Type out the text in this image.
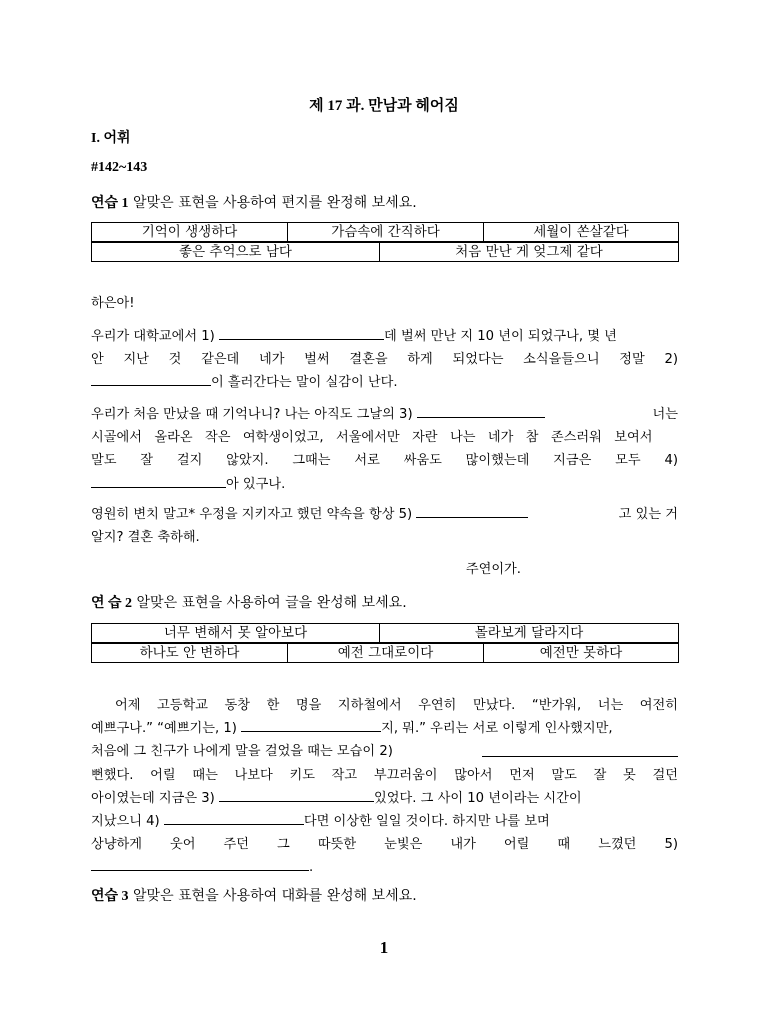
제 17 과. 만남과 헤어짐
I. 어휘
#142~143
연습 1 알맞은 표현을 사용하여 편지를 완정해 보세요.
기억이 생생하다	가슴속에 간직하다	세월이 쏜살같다
좋은 추억으로 남다	처음 만난 게 엊그제 같다
하은아!
우리가 대학교에서 1)	데 벌써 만난 지 10 년이 되었구나, 몇 년
안 지난 것 같은데 네가 벌써 결혼을 하게 되었다는 소식을들으니 정말 2)
이 흘러간다는 말이 실감이 난다.
우리가 처음 만났을 때 기억나니? 나는 아직도 그날의 3)	너는
시골에서 올라온 작은 여학생이었고, 서울에서만 자란 나는 네가 참 존스러워 보여서
말도 잘 걸지 않았지. 그때는 서로 싸움도 많이했는데 지금은 모두 4)
아 있구나.
영원히 변치 말고* 우정을 지키자고 했던 약속을 항상 5)	고 있는 거
알지? 결혼 축하해.
주연이가.
연 습 2 알맞은 표현을 사용하여 글을 완성해 보세요.
너무 변해서 못 알아보다	몰라보게 달라지다
하나도 안 변하다	예전 그대로이다	예전만 못하다
어제 고등학교 동창 한 명을 지하철에서 우연히 만났다. “반가워, 너는 여전히
예쁘구나.” “예쁘기는, 1)	지, 뭐.” 우리는 서로 이렇게 인사했지만,
처음에 그 친구가 나에게 말을 걸었을 때는 모습이 2)
뻔했다. 어릴 때는 나보다 키도 작고 부끄러움이 많아서 먼저 말도 잘 못 걸던
아이였는데 지금은 3)	있었다. 그 사이 10 년이라는 시간이
지났으니 4)	다면 이상한 일일 것이다. 하지만 나를 보며
상냥하게 웃어 주던 그 따뜻한 눈빛은 내가 어릴 때 느꼈던 5)
.
연습 3 알맞은 표현을 사용하여 대화를 완성해 보세요.
1
